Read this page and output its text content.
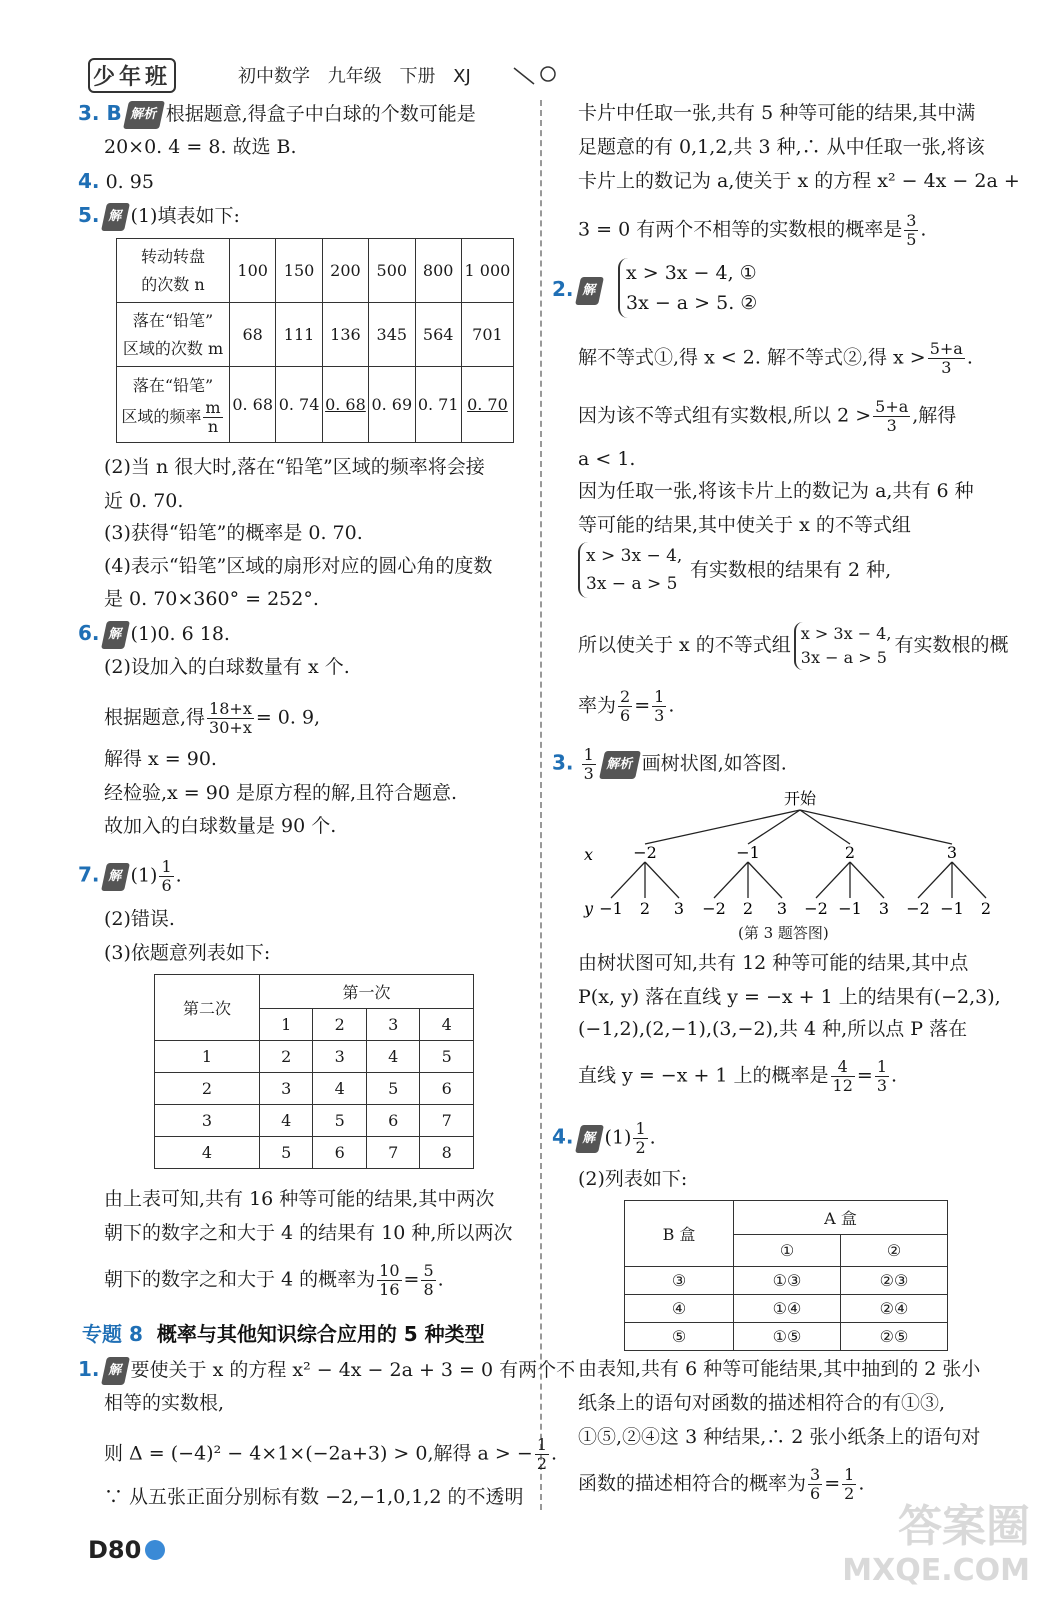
少年班	初中数学 九年级 下册 XJ
3. B 解析 根据题意,得盒子中白球的个数可能是
20×0. 4 = 8. 故选 B.
4. 0. 95
5. 解 (1)填表如下:
转动转盘
的次数 n	100	150	200	500	800	1 000
落在“铅笔”
区域的次数 m	68	111	136	345	564	701
落在“铅笔”
区域的频率 $\frac{m}{n}$	0. 68	0. 74	0. 68	0. 69	0. 71	0. 70
(2)当 n 很大时,落在“铅笔”区域的频率将会接
近 0. 70.
(3)获得“铅笔”的概率是 0. 70.
(4)表示“铅笔”区域的扇形对应的圆心角的度数
是 0. 70×360° = 252°.
6. 解 (1)0. 6 18.
(2)设加入的白球数量有 x 个.
根据题意,得 $\frac{18+x}{30+x} = 0$. 9,
解得 x = 90.
经检验,x = 90 是原方程的解,且符合题意.
故加入的白球数量是 90 个.
7. 解 $(1) \frac{1}{6}$ .
(2)错误.
(3)依题意列表如下:
第二次	第一次			
	1	2	3	4
1	2	3	4	5
2	3	4	5	6
3	4	5	6	7
4	5	6	7	8
由上表可知,共有 16 种等可能的结果,其中两次
朝下的数字之和大于 4 的结果有 10 种,所以两次
朝下的数字之和大于 4 的概率为 $\frac{10}{16} = \frac{5}{8}$ .
专题 8 概率与其他知识综合应用的 5 种类型
1. 解 要使关于 x 的方程 x² − 4x − 2a + 3 = 0 有两个不
相等的实数根,
则 Δ = (−4)² − 4×1×(−2a+3) > 0,解得 a > − $\frac{1}{2}$ .
∵ 从五张正面分别标有数 −2,−1,0,1,2 的不透明
D80
卡片中任取一张,共有 5 种等可能的结果,其中满
足题意的有 0,1,2,共 3 种,∴ 从中任取一张,将该
卡片上的数记为 a,使关于 x 的方程 x² − 4x − 2a +
3 = 0 有两个不相等的实数根的概率是 $\frac{3}{5}$ .
2. 解
x > 3x − 4, ①
3x − a > 5. ②
解不等式①,得 x < 2. 解不等式②,得 $x > \frac{5+a}{3}$ .
因为该不等式组有实数根,所以 $2 > \frac{5+a}{3}$ ,解得
a < 1.
因为任取一张,将该卡片上的数记为 a,共有 6 种
等可能的结果,其中使关于 x 的不等式组
x > 3x − 4,
3x − a > 5
有实数根的结果有 2 种,
所以使关于 x 的不等式组
x > 3x − 4,
3x − a > 5
有实数根的概
率为 $\frac{2}{6} = \frac{1}{3}$ .
3. $\frac{1}{3}$ 解析 画树状图,如答图.
开始
x
y
−2	−1	2	3
−1 2 3 −2 2 3 −2 −1 3 −2 −1 2
(第 3 题答图)
由树状图可知,共有 12 种等可能的结果,其中点
P(x, y) 落在直线 y = −x + 1 上的结果有(−2,3),
(−1,2),(2,−1),(3,−2),共 4 种,所以点 P 落在
直线 y = −x + 1 上的概率是 $\frac{4}{12} = \frac{1}{3}$ .
4. 解 $(1) \frac{1}{2}$ .
(2)列表如下:
B 盒	A 盒	
	①	②
③	①③	②③
④	①④	②④
⑤	①⑤	②⑤
由表知,共有 6 种等可能结果,其中抽到的 2 张小
纸条上的语句对函数的描述相符合的有①③,
①⑤,②④这 3 种结果,∴ 2 张小纸条上的语句对
函数的描述相符合的概率为 $\frac{3}{6} = \frac{1}{2}$ .
答案圈
MXQE.COM
